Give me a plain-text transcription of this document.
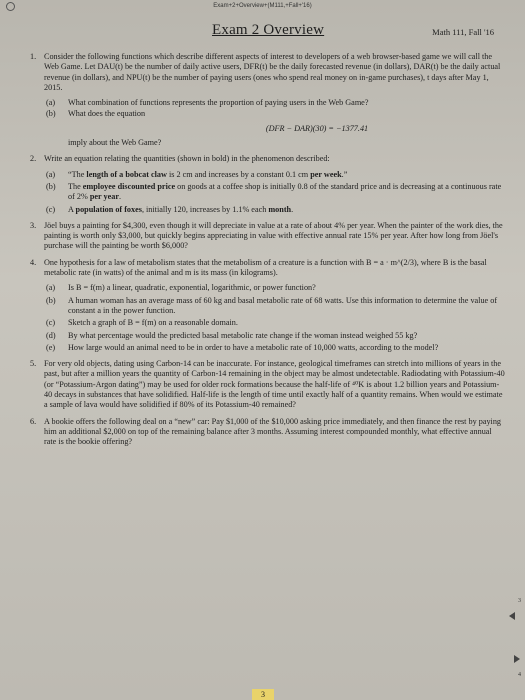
Exam+2+Overview+(M111,+Fall+'16)
Exam 2 Overview	Math 111, Fall '16
1. Consider the following functions which describe different aspects of interest to developers of a web browser-based game we will call the Web Game. Let DAU(t) be the number of daily active users, DFR(t) be the daily forecasted revenue (in dollars), DAR(t) be the daily actual revenue (in dollars), and NPU(t) be the number of paying users (ones who spend real money on in-game purchases), t days after May 1, 2015.
(a) What combination of functions represents the proportion of paying users in the Web Game?
(b) What does the equation
(DFR − DAR)(30) = −1377.41
imply about the Web Game?
2. Write an equation relating the quantities (shown in bold) in the phenomenon described:
(a) “The length of a bobcat claw is 2 cm and increases by a constant 0.1 cm per week.”
(b) The employee discounted price on goods at a coffee shop is initially 0.8 of the standard price and is decreasing at a continuous rate of 2% per year.
(c) A population of foxes, initially 120, increases by 1.1% each month.
3. Jöel buys a painting for $4,300, even though it will depreciate in value at a rate of about 4% per year. When the painter of the work dies, the painting is worth only $3,000, but quickly begins appreciating in value with effective annual rate 15% per year. After how long from Jöel's purchase will the painting be worth $6,000?
4. One hypothesis for a law of metabolism states that the metabolism of a creature is a function with B = a · m^(2/3), where B is the basal metabolic rate (in watts) of the animal and m is its mass (in kilograms).
(a) Is B = f(m) a linear, quadratic, exponential, logarithmic, or power function?
(b) A human woman has an average mass of 60 kg and basal metabolic rate of 68 watts. Use this information to determine the value of constant a in the power function.
(c) Sketch a graph of B = f(m) on a reasonable domain.
(d) By what percentage would the predicted basal metabolic rate change if the woman instead weighed 55 kg?
(e) How large would an animal need to be in order to have a metabolic rate of 10,000 watts, according to the model?
5. For very old objects, dating using Carbon-14 can be inaccurate. For instance, geological timeframes can stretch into millions of years in the past, but after a million years the quantity of Carbon-14 remaining in the object may be almost undetectable. Radiodating with Potassium-40 (or “Potassium-Argon dating”) may be used for older rock formations because the half-life of ⁴⁰K is about 1.2 billion years and Potassium-40 decays in substances that have solidified. Half-life is the length of time until exactly half of a quantity remains. When would we estimate a sample of lava would have solidified if 80% of its Potassium-40 remained?
6. A bookie offers the following deal on a “new” car: Pay $1,000 of the $10,000 asking price immediately, and then finance the rest by paying him an additional $2,000 on top of the remaining balance after 3 months. Assuming interest compounded monthly, what effective annual rate is the bookie offering?
3
3
4
